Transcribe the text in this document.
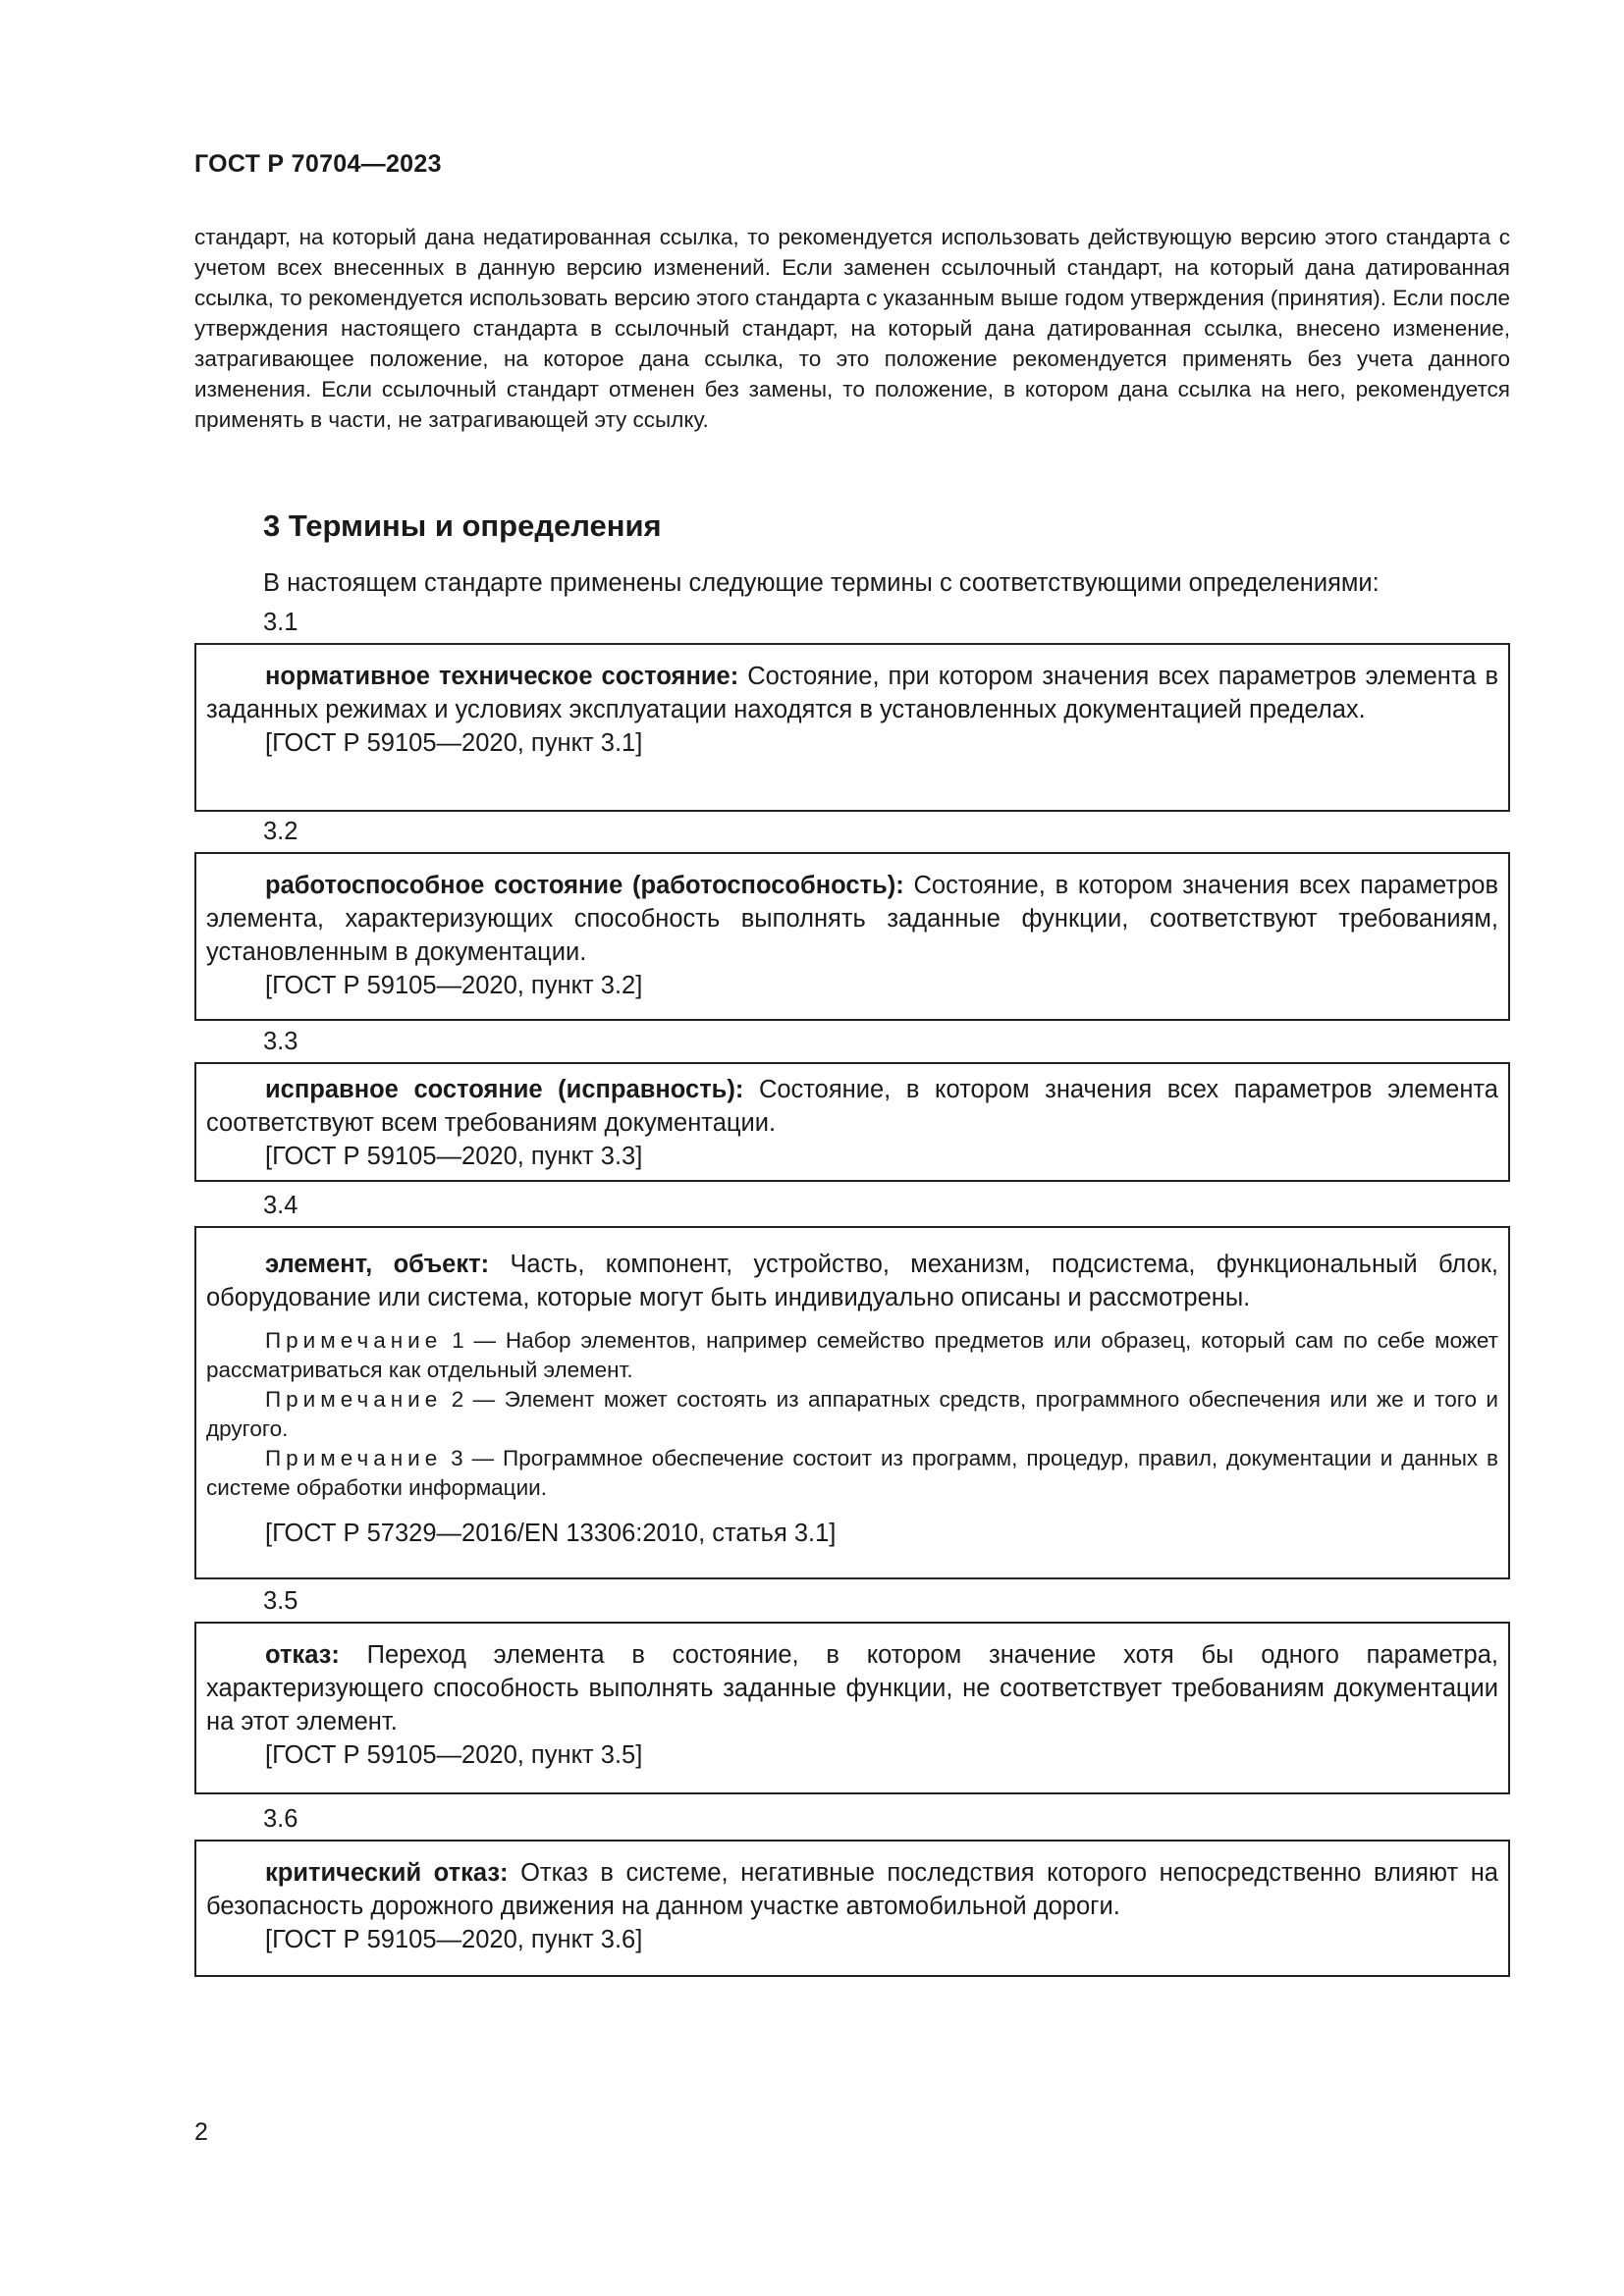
ГОСТ Р 70704—2023
стандарт, на который дана недатированная ссылка, то рекомендуется использовать действующую версию этого стандарта с учетом всех внесенных в данную версию изменений. Если заменен ссылочный стандарт, на который дана датированная ссылка, то рекомендуется использовать версию этого стандарта с указанным выше годом утверждения (принятия). Если после утверждения настоящего стандарта в ссылочный стандарт, на который дана датированная ссылка, внесено изменение, затрагивающее положение, на которое дана ссылка, то это положение рекомендуется применять без учета данного изменения. Если ссылочный стандарт отменен без замены, то положение, в котором дана ссылка на него, рекомендуется применять в части, не затрагивающей эту ссылку.
3 Термины и определения
В настоящем стандарте применены следующие термины с соответствующими определениями:
3.1

нормативное техническое состояние: Состояние, при котором значения всех параметров элемента в заданных режимах и условиях эксплуатации находятся в установленных документацией пределах.

[ГОСТ Р 59105—2020, пункт 3.1]

3.2

работоспособное состояние (работоспособность): Состояние, в котором значения всех параметров элемента, характеризующих способность выполнять заданные функции, соответствуют требованиям, установленным в документации.

[ГОСТ Р 59105—2020, пункт 3.2]

3.3

исправное состояние (исправность): Состояние, в котором значения всех параметров элемента соответствуют всем требованиям документации.

[ГОСТ Р 59105—2020, пункт 3.3]

3.4

элемент, объект: Часть, компонент, устройство, механизм, подсистема, функциональный блок, оборудование или система, которые могут быть индивидуально описаны и рассмотрены.

Примечание 1 — Набор элементов, например семейство предметов или образец, который сам по себе может рассматриваться как отдельный элемент.

Примечание 2 — Элемент может состоять из аппаратных средств, программного обеспечения или же и того и другого.

Примечание 3 — Программное обеспечение состоит из программ, процедур, правил, документации и данных в системе обработки информации.

[ГОСТ Р 57329—2016/EN 13306:2010, статья 3.1]

3.5

отказ: Переход элемента в состояние, в котором значение хотя бы одного параметра, характеризующего способность выполнять заданные функции, не соответствует требованиям документации на этот элемент.

[ГОСТ Р 59105—2020, пункт 3.5]

3.6

критический отказ: Отказ в системе, негативные последствия которого непосредственно влияют на безопасность дорожного движения на данном участке автомобильной дороги.

[ГОСТ Р 59105—2020, пункт 3.6]

2
